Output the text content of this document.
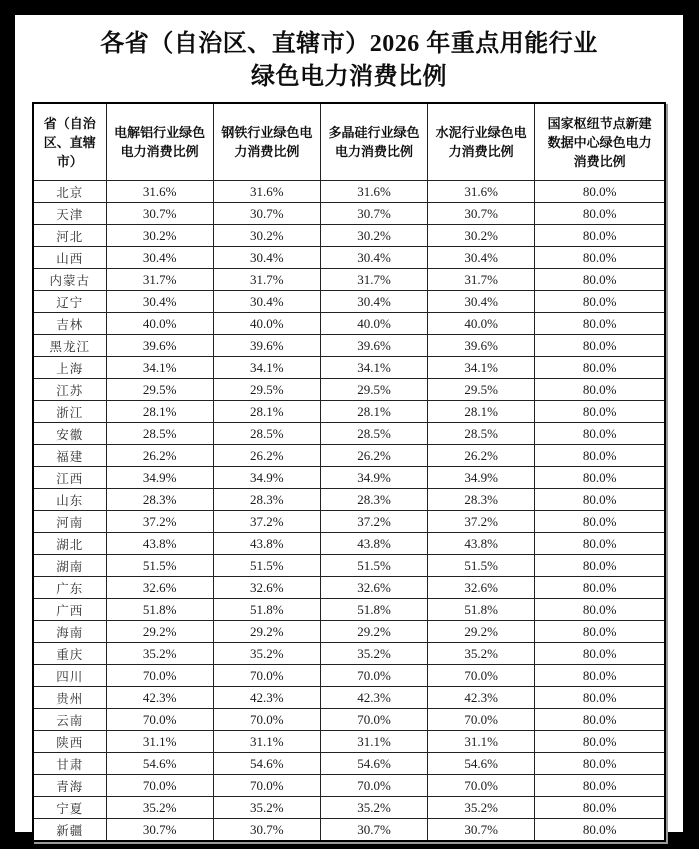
各省（自治区、直辖市）2026 年重点用能行业
绿色电力消费比例
省（自治区、直辖市）	电解铝行业绿色电力消费比例	钢铁行业绿色电力消费比例	多晶硅行业绿色电力消费比例	水泥行业绿色电力消费比例	国家枢纽节点新建数据中心绿色电力消费比例
北京	31.6%	31.6%	31.6%	31.6%	80.0%
天津	30.7%	30.7%	30.7%	30.7%	80.0%
河北	30.2%	30.2%	30.2%	30.2%	80.0%
山西	30.4%	30.4%	30.4%	30.4%	80.0%
内蒙古	31.7%	31.7%	31.7%	31.7%	80.0%
辽宁	30.4%	30.4%	30.4%	30.4%	80.0%
吉林	40.0%	40.0%	40.0%	40.0%	80.0%
黑龙江	39.6%	39.6%	39.6%	39.6%	80.0%
上海	34.1%	34.1%	34.1%	34.1%	80.0%
江苏	29.5%	29.5%	29.5%	29.5%	80.0%
浙江	28.1%	28.1%	28.1%	28.1%	80.0%
安徽	28.5%	28.5%	28.5%	28.5%	80.0%
福建	26.2%	26.2%	26.2%	26.2%	80.0%
江西	34.9%	34.9%	34.9%	34.9%	80.0%
山东	28.3%	28.3%	28.3%	28.3%	80.0%
河南	37.2%	37.2%	37.2%	37.2%	80.0%
湖北	43.8%	43.8%	43.8%	43.8%	80.0%
湖南	51.5%	51.5%	51.5%	51.5%	80.0%
广东	32.6%	32.6%	32.6%	32.6%	80.0%
广西	51.8%	51.8%	51.8%	51.8%	80.0%
海南	29.2%	29.2%	29.2%	29.2%	80.0%
重庆	35.2%	35.2%	35.2%	35.2%	80.0%
四川	70.0%	70.0%	70.0%	70.0%	80.0%
贵州	42.3%	42.3%	42.3%	42.3%	80.0%
云南	70.0%	70.0%	70.0%	70.0%	80.0%
陕西	31.1%	31.1%	31.1%	31.1%	80.0%
甘肃	54.6%	54.6%	54.6%	54.6%	80.0%
青海	70.0%	70.0%	70.0%	70.0%	80.0%
宁夏	35.2%	35.2%	35.2%	35.2%	80.0%
新疆	30.7%	30.7%	30.7%	30.7%	80.0%
